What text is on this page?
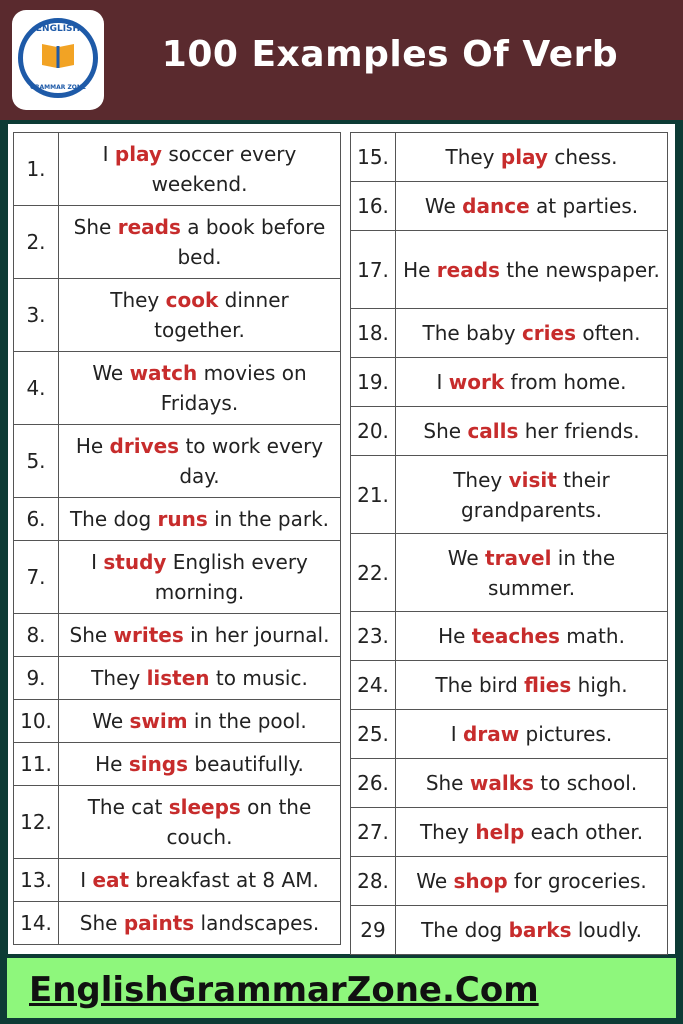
ENGLISH
GRAMMAR ZONE
100 Examples Of Verb
1.	I play soccer every weekend.
2.	She reads a book before bed.
3.	They cook dinner together.
4.	We watch movies on Fridays.
5.	He drives to work every day.
6.	The dog runs in the park.
7.	I study English every morning.
8.	She writes in her journal.
9.	They listen to music.
10.	We swim in the pool.
11.	He sings beautifully.
12.	The cat sleeps on the couch.
13.	I eat breakfast at 8 AM.
14.	She paints landscapes.
15.	They play chess.
16.	We dance at parties.
17.	He reads the newspaper.
18.	The baby cries often.
19.	I work from home.
20.	She calls her friends.
21.	They visit their grandparents.
22.	We travel in the summer.
23.	He teaches math.
24.	The bird flies high.
25.	I draw pictures.
26.	She walks to school.
27.	They help each other.
28.	We shop for groceries.
29	The dog barks loudly.
EnglishGrammarZone.Com
